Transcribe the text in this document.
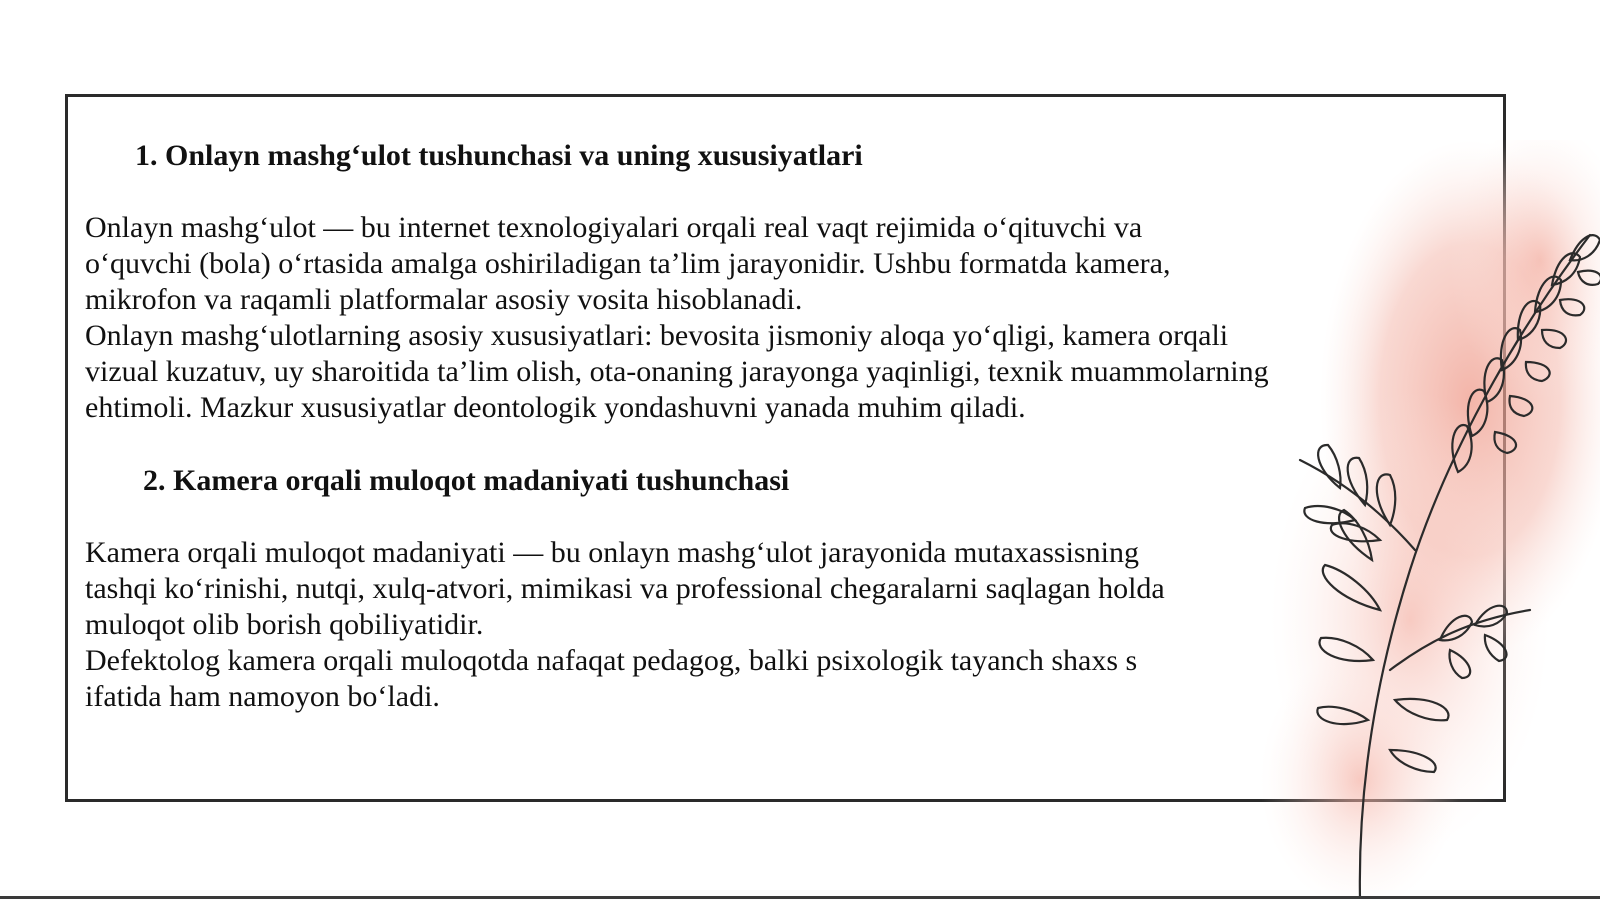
1. Onlayn mashg‘ulot tushunchasi va uning xususiyatlari

Onlayn mashg‘ulot — bu internet texnologiyalari orqali real vaqt rejimida o‘qituvchi va
o‘quvchi (bola) o‘rtasida amalga oshiriladigan ta’lim jarayonidir. Ushbu formatda kamera,
mikrofon va raqamli platformalar asosiy vosita hisoblanadi.

Onlayn mashg‘ulotlarning asosiy xususiyatlari: bevosita jismoniy aloqa yo‘qligi, kamera orqali
vizual kuzatuv, uy sharoitida ta’lim olish, ota-onaning jarayonga yaqinligi, texnik muammolarning
ehtimoli. Mazkur xususiyatlar deontologik yondashuvni yanada muhim qiladi.

2. Kamera orqali muloqot madaniyati tushunchasi

Kamera orqali muloqot madaniyati — bu onlayn mashg‘ulot jarayonida mutaxassisning
tashqi ko‘rinishi, nutqi, xulq-atvori, mimikasi va professional chegaralarni saqlagan holda
muloqot olib borish qobiliyatidir.

Defektolog kamera orqali muloqotda nafaqat pedagog, balki psixologik tayanch shaxs s
ifatida ham namoyon bo‘ladi.
